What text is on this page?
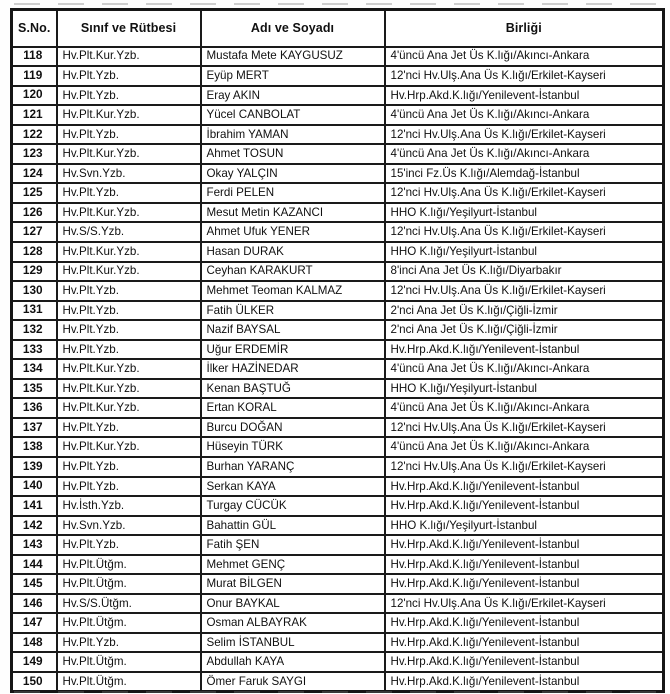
S.No.	Sınıf ve Rütbesi	Adı ve Soyadı	Birliği
118	Hv.Plt.Kur.Yzb.	Mustafa Mete KAYGUSUZ	4'üncü Ana Jet Üs K.lığı/Akıncı-Ankara
119	Hv.Plt.Yzb.	Eyüp MERT	12'nci Hv.Ulş.Ana Üs K.lığı/Erkilet-Kayseri
120	Hv.Plt.Yzb.	Eray AKIN	Hv.Hrp.Akd.K.lığı/Yenilevent-İstanbul
121	Hv.Plt.Kur.Yzb.	Yücel CANBOLAT	4'üncü Ana Jet Üs K.lığı/Akıncı-Ankara
122	Hv.Plt.Yzb.	İbrahim YAMAN	12'nci Hv.Ulş.Ana Üs K.lığı/Erkilet-Kayseri
123	Hv.Plt.Kur.Yzb.	Ahmet TOSUN	4'üncü Ana Jet Üs K.lığı/Akıncı-Ankara
124	Hv.Svn.Yzb.	Okay YALÇIN	15'inci Fz.Üs K.lığı/Alemdağ-İstanbul
125	Hv.Plt.Yzb.	Ferdi PELEN	12'nci Hv.Ulş.Ana Üs K.lığı/Erkilet-Kayseri
126	Hv.Plt.Kur.Yzb.	Mesut Metin KAZANCI	HHO K.lığı/Yeşilyurt-İstanbul
127	Hv.S/S.Yzb.	Ahmet Ufuk YENER	12'nci Hv.Ulş.Ana Üs K.lığı/Erkilet-Kayseri
128	Hv.Plt.Kur.Yzb.	Hasan DURAK	HHO K.lığı/Yeşilyurt-İstanbul
129	Hv.Plt.Kur.Yzb.	Ceyhan KARAKURT	8'inci Ana Jet Üs K.lığı/Diyarbakır
130	Hv.Plt.Yzb.	Mehmet Teoman KALMAZ	12'nci Hv.Ulş.Ana Üs K.lığı/Erkilet-Kayseri
131	Hv.Plt.Yzb.	Fatih ÜLKER	2'nci Ana Jet Üs K.lığı/Çiğli-İzmir
132	Hv.Plt.Yzb.	Nazif BAYSAL	2'nci Ana Jet Üs K.lığı/Çiğli-İzmir
133	Hv.Plt.Yzb.	Uğur ERDEMİR	Hv.Hrp.Akd.K.lığı/Yenilevent-İstanbul
134	Hv.Plt.Kur.Yzb.	İlker HAZİNEDAR	4'üncü Ana Jet Üs K.lığı/Akıncı-Ankara
135	Hv.Plt.Kur.Yzb.	Kenan BAŞTUĞ	HHO K.lığı/Yeşilyurt-İstanbul
136	Hv.Plt.Kur.Yzb.	Ertan KORAL	4'üncü Ana Jet Üs K.lığı/Akıncı-Ankara
137	Hv.Plt.Yzb.	Burcu DOĞAN	12'nci Hv.Ulş.Ana Üs K.lığı/Erkilet-Kayseri
138	Hv.Plt.Kur.Yzb.	Hüseyin TÜRK	4'üncü Ana Jet Üs K.lığı/Akıncı-Ankara
139	Hv.Plt.Yzb.	Burhan YARANÇ	12'nci Hv.Ulş.Ana Üs K.lığı/Erkilet-Kayseri
140	Hv.Plt.Yzb.	Serkan KAYA	Hv.Hrp.Akd.K.lığı/Yenilevent-İstanbul
141	Hv.İsth.Yzb.	Turgay CÜCÜK	Hv.Hrp.Akd.K.lığı/Yenilevent-İstanbul
142	Hv.Svn.Yzb.	Bahattin GÜL	HHO K.lığı/Yeşilyurt-İstanbul
143	Hv.Plt.Yzb.	Fatih ŞEN	Hv.Hrp.Akd.K.lığı/Yenilevent-İstanbul
144	Hv.Plt.Ütğm.	Mehmet GENÇ	Hv.Hrp.Akd.K.lığı/Yenilevent-İstanbul
145	Hv.Plt.Ütğm.	Murat BİLGEN	Hv.Hrp.Akd.K.lığı/Yenilevent-İstanbul
146	Hv.S/S.Ütğm.	Onur BAYKAL	12'nci Hv.Ulş.Ana Üs K.lığı/Erkilet-Kayseri
147	Hv.Plt.Ütğm.	Osman ALBAYRAK	Hv.Hrp.Akd.K.lığı/Yenilevent-İstanbul
148	Hv.Plt.Yzb.	Selim İSTANBUL	Hv.Hrp.Akd.K.lığı/Yenilevent-İstanbul
149	Hv.Plt.Ütğm.	Abdullah KAYA	Hv.Hrp.Akd.K.lığı/Yenilevent-İstanbul
150	Hv.Plt.Ütğm.	Ömer Faruk SAYGI	Hv.Hrp.Akd.K.lığı/Yenilevent-İstanbul
